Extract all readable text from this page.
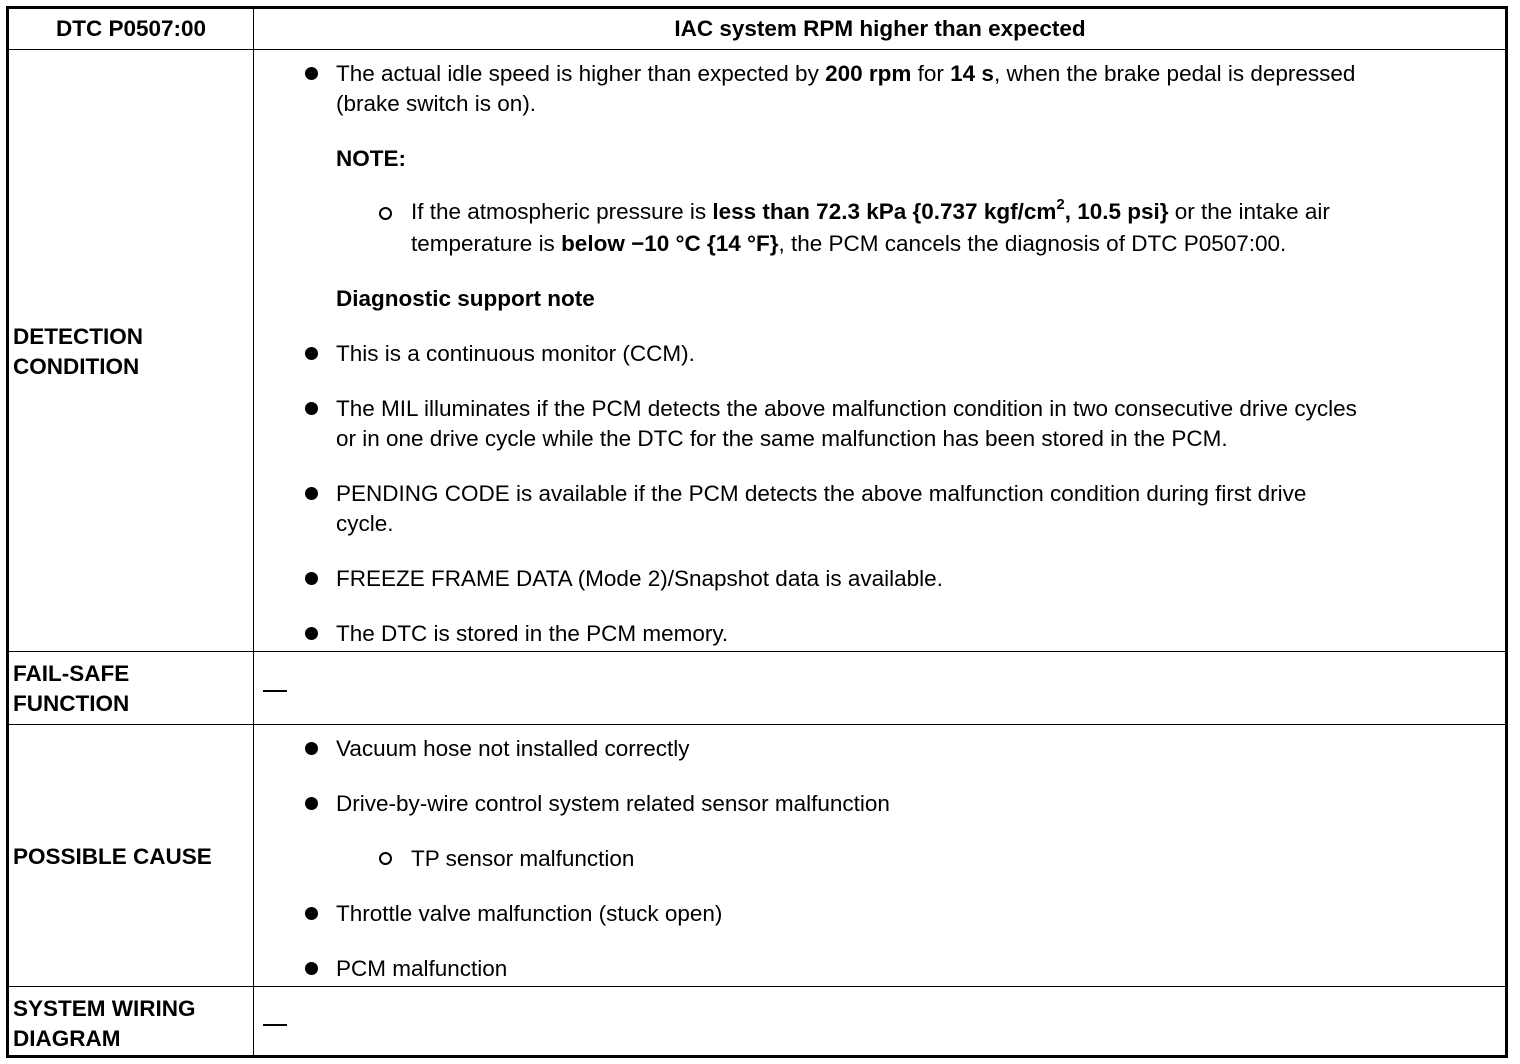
DTC P0507:00	IAC system RPM higher than expected
DETECTION
CONDITION
The actual idle speed is higher than expected by 200 rpm for 14 s, when the brake pedal is depressed
(brake switch is on).
NOTE:
If the atmospheric pressure is less than 72.3 kPa {0.737 kgf/$cm^2$, 10.5 psi} or the intake air
temperature is below −10 °C {14 °F}, the PCM cancels the diagnosis of DTC P0507:00.
Diagnostic support note
This is a continuous monitor (CCM).
The MIL illuminates if the PCM detects the above malfunction condition in two consecutive drive cycles
or in one drive cycle while the DTC for the same malfunction has been stored in the PCM.
PENDING CODE is available if the PCM detects the above malfunction condition during first drive
cycle.
FREEZE FRAME DATA (Mode 2)/Snapshot data is available.
The DTC is stored in the PCM memory.
FAIL-SAFE
FUNCTION
POSSIBLE CAUSE
Vacuum hose not installed correctly
Drive-by-wire control system related sensor malfunction
TP sensor malfunction
Throttle valve malfunction (stuck open)
PCM malfunction
SYSTEM WIRING
DIAGRAM
